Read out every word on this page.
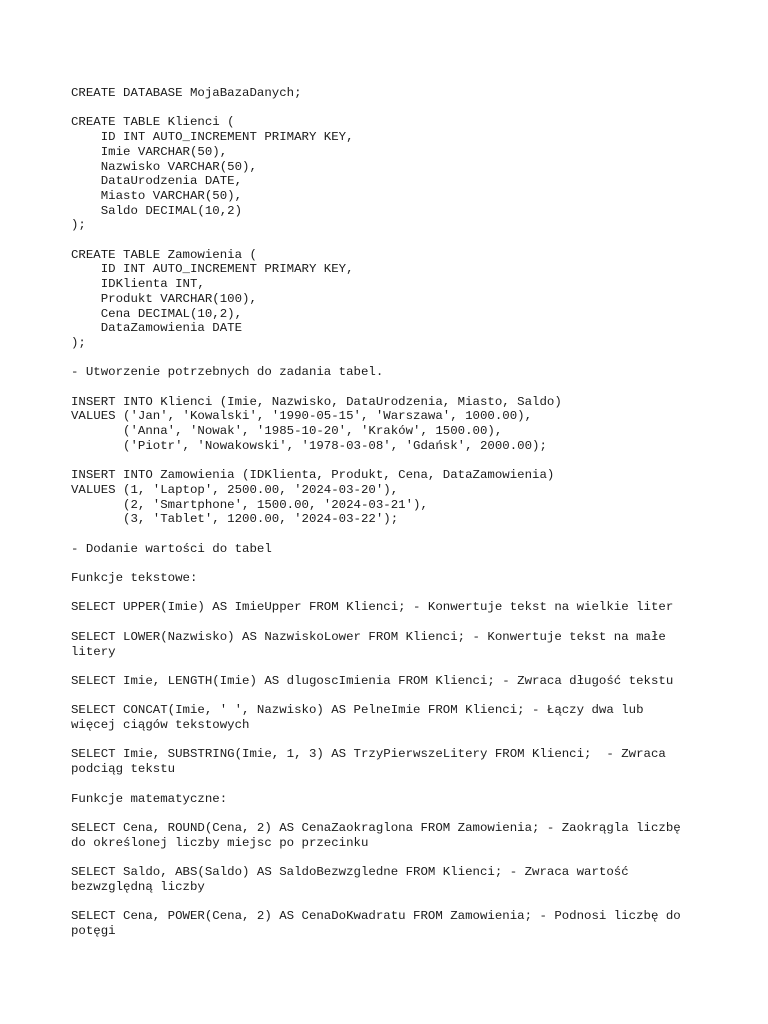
CREATE DATABASE MojaBazaDanych;
CREATE TABLE Klienci (
ID INT AUTO_INCREMENT PRIMARY KEY,
Imie VARCHAR(50),
Nazwisko VARCHAR(50),
DataUrodzenia DATE,
Miasto VARCHAR(50),
Saldo DECIMAL(10,2)
);
CREATE TABLE Zamowienia (
ID INT AUTO_INCREMENT PRIMARY KEY,
IDKlienta INT,
Produkt VARCHAR(100),
Cena DECIMAL(10,2),
DataZamowienia DATE
);
- Utworzenie potrzebnych do zadania tabel.
INSERT INTO Klienci (Imie, Nazwisko, DataUrodzenia, Miasto, Saldo)
VALUES ('Jan', 'Kowalski', '1990-05-15', 'Warszawa', 1000.00),
('Anna', 'Nowak', '1985-10-20', 'Kraków', 1500.00),
('Piotr', 'Nowakowski', '1978-03-08', 'Gdańsk', 2000.00);
INSERT INTO Zamowienia (IDKlienta, Produkt, Cena, DataZamowienia)
VALUES (1, 'Laptop', 2500.00, '2024-03-20'),
(2, 'Smartphone', 1500.00, '2024-03-21'),
(3, 'Tablet', 1200.00, '2024-03-22');
- Dodanie wartości do tabel
Funkcje tekstowe:
SELECT UPPER(Imie) AS ImieUpper FROM Klienci; - Konwertuje tekst na wielkie liter
SELECT LOWER(Nazwisko) AS NazwiskoLower FROM Klienci; - Konwertuje tekst na małe
litery
SELECT Imie, LENGTH(Imie) AS dlugoscImienia FROM Klienci; - Zwraca długość tekstu
SELECT CONCAT(Imie, ' ', Nazwisko) AS PelneImie FROM Klienci; - Łączy dwa lub
więcej ciągów tekstowych
SELECT Imie, SUBSTRING(Imie, 1, 3) AS TrzyPierwszeLitery FROM Klienci;  - Zwraca
podciąg tekstu
Funkcje matematyczne:
SELECT Cena, ROUND(Cena, 2) AS CenaZaokraglona FROM Zamowienia; - Zaokrągla liczbę
do określonej liczby miejsc po przecinku
SELECT Saldo, ABS(Saldo) AS SaldoBezwzgledne FROM Klienci; - Zwraca wartość
bezwzględną liczby
SELECT Cena, POWER(Cena, 2) AS CenaDoKwadratu FROM Zamowienia; - Podnosi liczbę do
potęgi
